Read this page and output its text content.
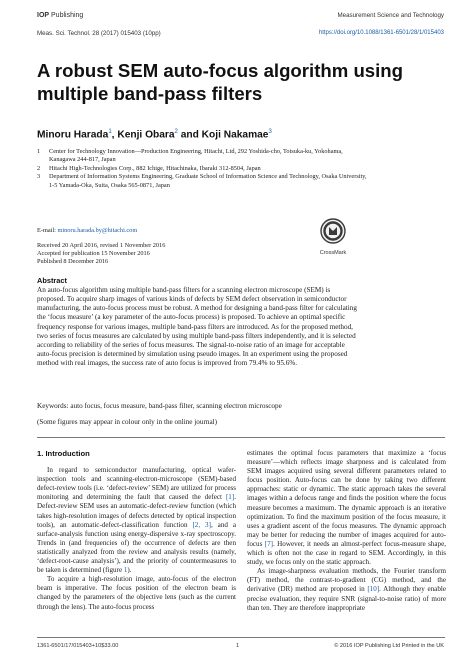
IOP Publishing
Meas. Sci. Technol. 28 (2017) 015403 (10pp)
Measurement Science and Technology
https://doi.org/10.1088/1361-6501/28/1/015403
A robust SEM auto-focus algorithm using multiple band-pass filters
Minoru Harada$^1$, Kenji Obara$^2$ and Koji Nakamae$^3$
1	Center for Technology Innovation—Production Engineering, Hitachi, Ltd, 292 Yoshida-cho, Totsuka-ku, Yokohama, Kanagawa 244-817, Japan
2	Hitachi High-Technologies Corp., 882 Ichige, Hitachinaka, Ibaraki 312-8504, Japan
3	Department of Information Systems Engineering, Graduate School of Information Science and Technology, Osaka University, 1-5 Yamada-Oka, Suita, Osaka 565-0871, Japan
E-mail: minoru.harada.by@hitachi.com
Received 20 April 2016, revised 1 November 2016
Accepted for publication 15 November 2016
Published 8 December 2016
CrossMark
Abstract
An auto-focus algorithm using multiple band-pass filters for a scanning electron microscope (SEM) is proposed. To acquire sharp images of various kinds of defects by SEM defect observation in semiconductor manufacturing, the auto-focus process must be robust. A method for designing a band-pass filter for calculating the ‘focus measure’ (a key parameter of the auto-focus process) is proposed. To achieve an optimal specific frequency response for various images, multiple band-pass filters are introduced. As for the proposed method, two series of focus measures are calculated by using multiple band-pass filters independently, and it is selected according to reliability of the series of focus measures. The signal-to-noise ratio of an image for acceptable auto-focus precision is determined by simulation using pseudo images. In an experiment using the proposed method with real images, the success rate of auto focus is improved from 79.4% to 95.6%.
Keywords: auto focus, focus measure, band-pass filter, scanning electron microscope
(Some figures may appear in colour only in the online journal)
1. Introduction

In regard to semiconductor manufacturing, optical wafer-inspection tools and scanning-electron-microscope (SEM)-based defect-review tools (i.e. ‘defect-review’ SEM) are utilized for process monitoring and determining the fault that caused the defect [1]. Defect-review SEM uses an automatic-defect-review function (which takes high-resolution images of defects detected by optical inspection tools), an automatic-defect-classification function [2, 3], and a surface-analysis function using energy-dispersive x-ray spectroscopy. Trends in (and frequencies of) the occurrence of defects are then statistically analyzed from the review and analysis results (namely, ‘defect-root-cause analysis’), and the priority of countermeasures to be taken is determined (figure 1).

To acquire a high-resolution image, auto-focus of the electron beam is imperative. The focus position of the electron beam is changed by the parameters of the objective lens (such as the current through the lens). The auto-focus process

estimates the optimal focus parameters that maximize a ‘focus measure’—which reflects image sharpness and is calculated from SEM images acquired using several different parameters related to focus position. Auto-focus can be done by taking two different approaches: static or dynamic. The static approach takes the several images within a defocus range and finds the position where the focus measure becomes a maximum. The dynamic approach is an iterative optimization. To find the maximum position of the focus measure, it uses a gradient ascent of the focus measures. The dynamic approach may be better for reducing the number of images acquired for auto-focus [7]. However, it needs an almost-perfect focus-measure shape, which is often not the case in regard to SEM. Accordingly, in this study, we focus only on the static approach.

As image-sharpness evaluation methods, the Fourier transform (FT) method, the contrast-to-gradient (CG) method, and the derivative (DR) method are proposed in [10]. Although they enable precise evaluation, they require SNR (signal-to-noise ratio) of more than ten. They are therefore inappropriate

1361-6501/17/015403+10$33.00	1	© 2016 IOP Publishing Ltd Printed in the UK
